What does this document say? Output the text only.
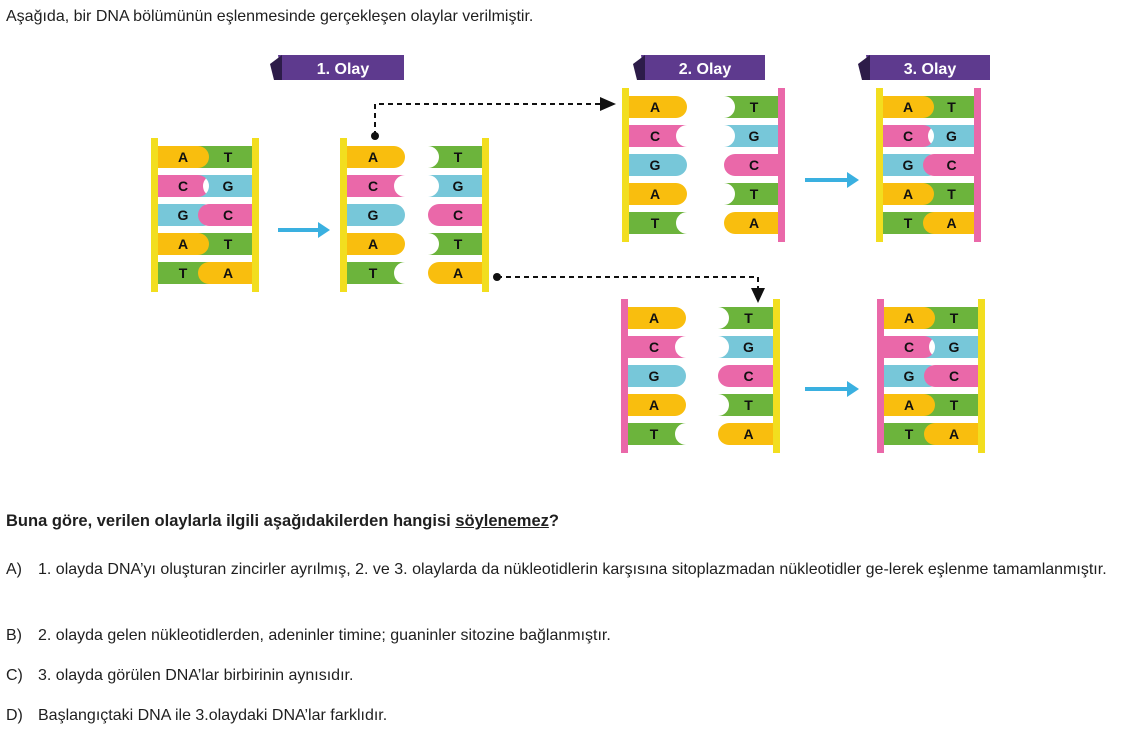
Aşağıda, bir DNA bölümünün eşlenmesinde gerçekleşen olaylar verilmiştir.

1. Olay	2. Olay	3. Olay
A	T
C G
G C
A	T
T	A
A	T
C	G
G	C
A	T
T	A
A	T
C	G
G	C
A	T
T	A
A	T
C	G
G	C
A	T
T	A
A T
C G
G C
A T
T A
A	T
C G
G C
A	T
T	A

Buna göre, verilen olaylarla ilgili aşağıdakilerden hangisi söylenemez?

A) 1. olayda DNA’yı oluşturan zincirler ayrılmış, 2. ve 3. olaylarda da nükleotidlerin karşısına sitoplazmadan nükleotidler ge-lerek eşlenme tamamlanmıştır.
B) 2. olayda gelen nükleotidlerden, adeninler timine; guaninler sitozine bağlanmıştır.
C) 3. olayda görülen DNA’lar birbirinin aynısıdır.
D) Başlangıçtaki DNA ile 3.olaydaki DNA’lar farklıdır.
